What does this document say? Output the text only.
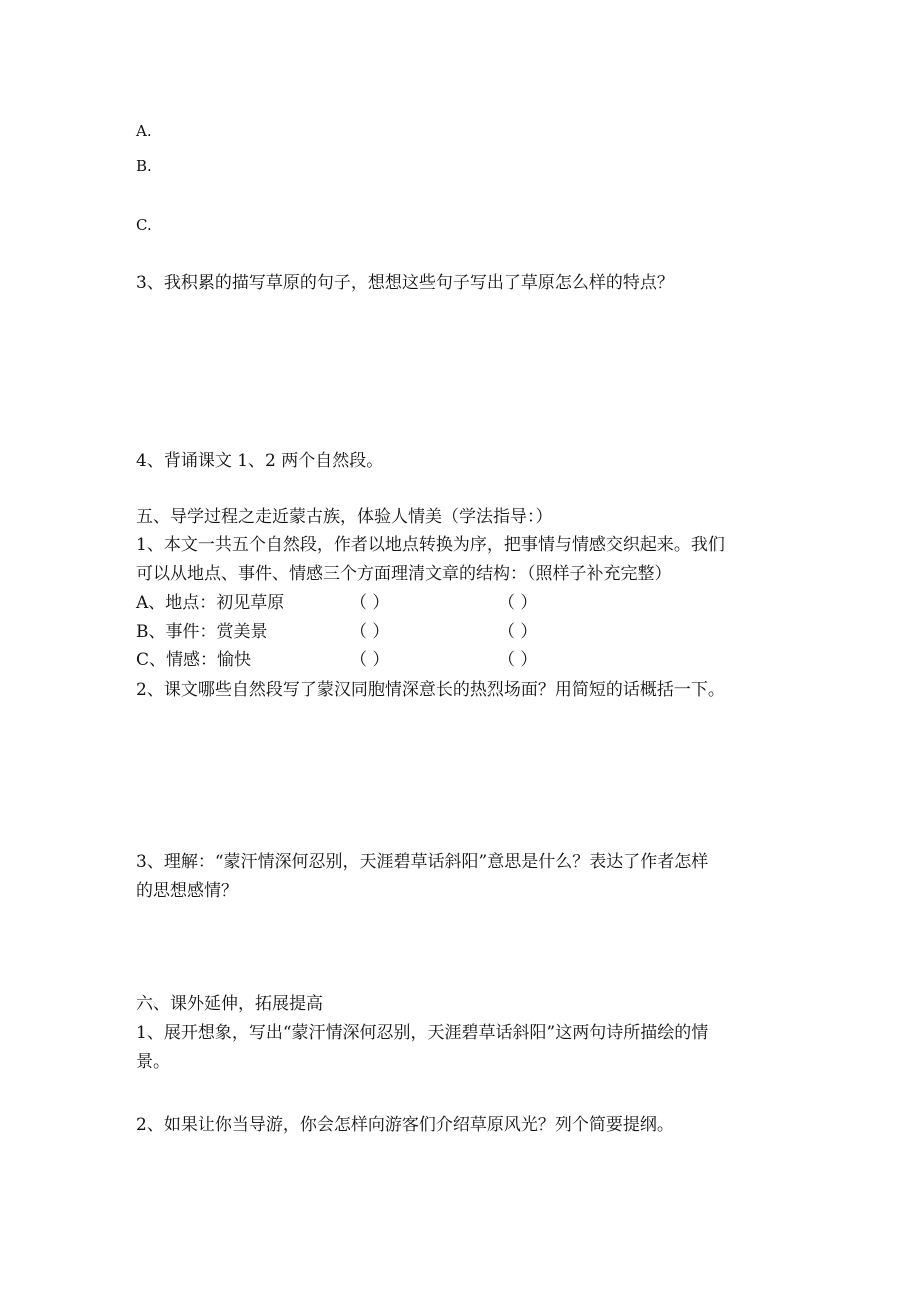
A.
B.
C.
3、我积累的描写草原的句子，想想这些句子写出了草原怎么样的特点？
4、背诵课文 1、2 两个自然段。
五、导学过程之走近蒙古族，体验人情美（学法指导：）
1、本文一共五个自然段，作者以地点转换为序，把事情与情感交织起来。我们
可以从地点、事件、情感三个方面理清文章的结构：（照样子补充完整）
A、地点：初见草原	（ ）	（ ）
B、事件：赏美景	（ ）	（ ）
C、情感：愉快	（ ）	（ ）
2、课文哪些自然段写了蒙汉同胞情深意长的热烈场面？用简短的话概括一下。
3、理解：“蒙汗情深何忍别，天涯碧草话斜阳”意思是什么？表达了作者怎样
的思想感情？
六、课外延伸，拓展提高
1、展开想象，写出“蒙汗情深何忍别，天涯碧草话斜阳”这两句诗所描绘的情
景。
2、如果让你当导游，你会怎样向游客们介绍草原风光？列个简要提纲。
